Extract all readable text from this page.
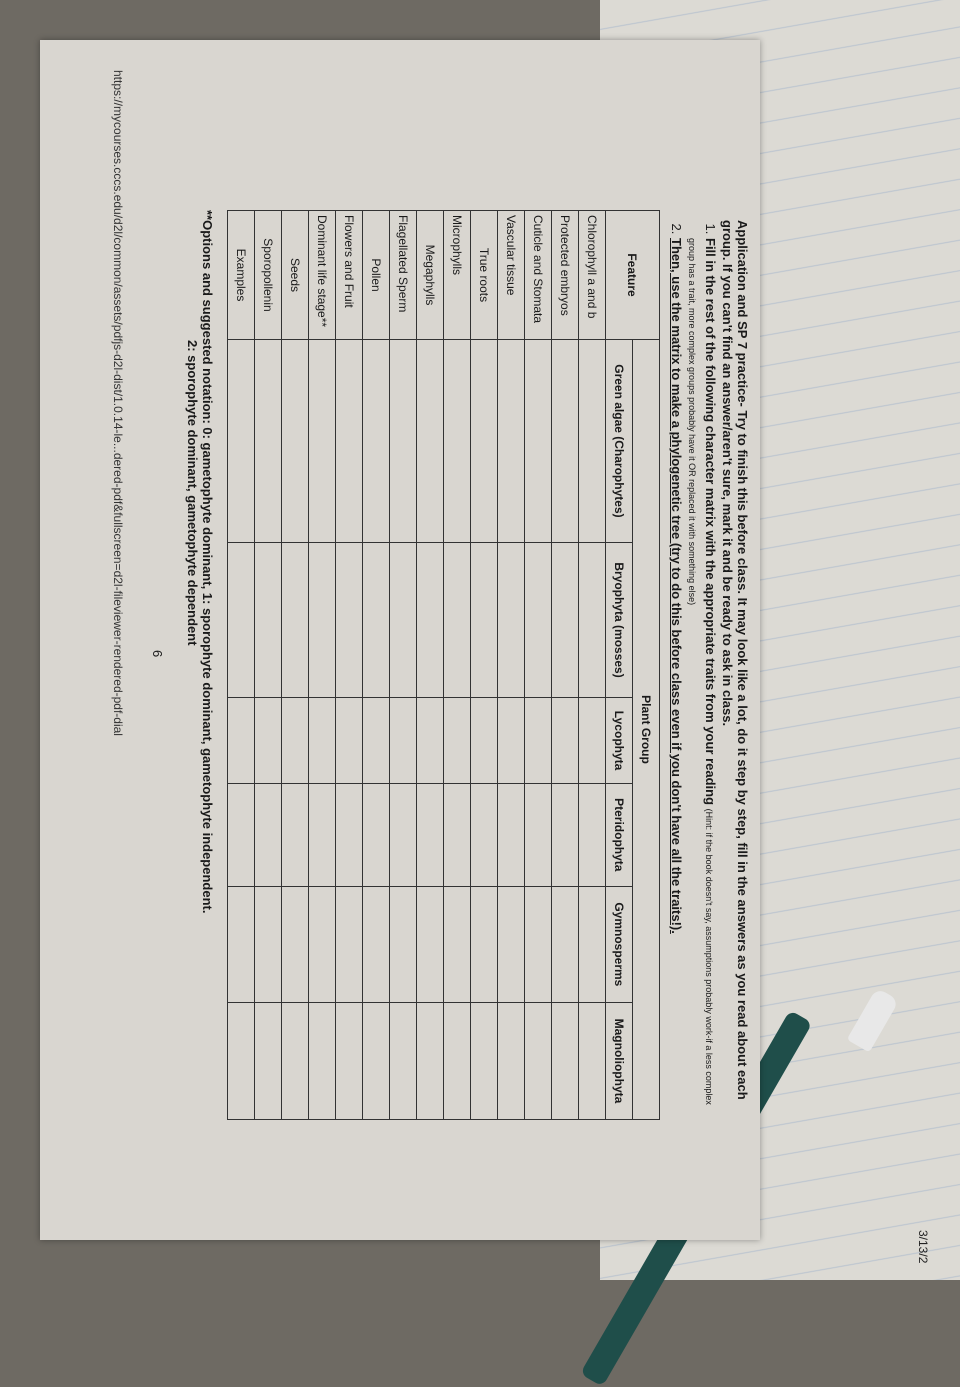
3/13/2
https://mycourses.cccs.edu/d2l/common/assets/pdfjs-d2l-dist/1.0.14-le...dered-pdf&fullscreen=d2l-fileviewer-rendered-pdf-dial	Application and SP 7 practice- Try to finish this before class. It may look like a lot, do it step by step, fill in the answers as you read about each group. If you can't find an answer/aren't sure, mark it and be ready to ask in class.
1. Fill in the rest of the following character matrix with the appropriate traits from your reading (Hint: if the book doesn't say, assumptions probably work-if a less complex group has a trait, more complex groups probably have it OR replaced it with something else)
2. Then, use the matrix to make a phylogenetic tree (try to do this before class even if you don't have all the traits!).
Feature	Plant Group					
	Green algae (Charophytes)	Bryophyta (mosses)	Lycophyta	Pteridophyta	Gymnosperms	Magnoliophyta
Chlorophyll a and b						
Protected embryos						
Cuticle and Stomata						
Vascular tissue						
True roots						
Microphylls						
Megaphylls						
Flagellated Sperm						
Pollen						
Flowers and Fruit						
Dominant life stage**						
Seeds						
Sporopollenin						
Examples						
**Options and suggested notation: 0: gametophyte dominant, 1: sporophyte dominant, gametophyte independent.
2: sporophyte dominant, gametophyte dependent
6
